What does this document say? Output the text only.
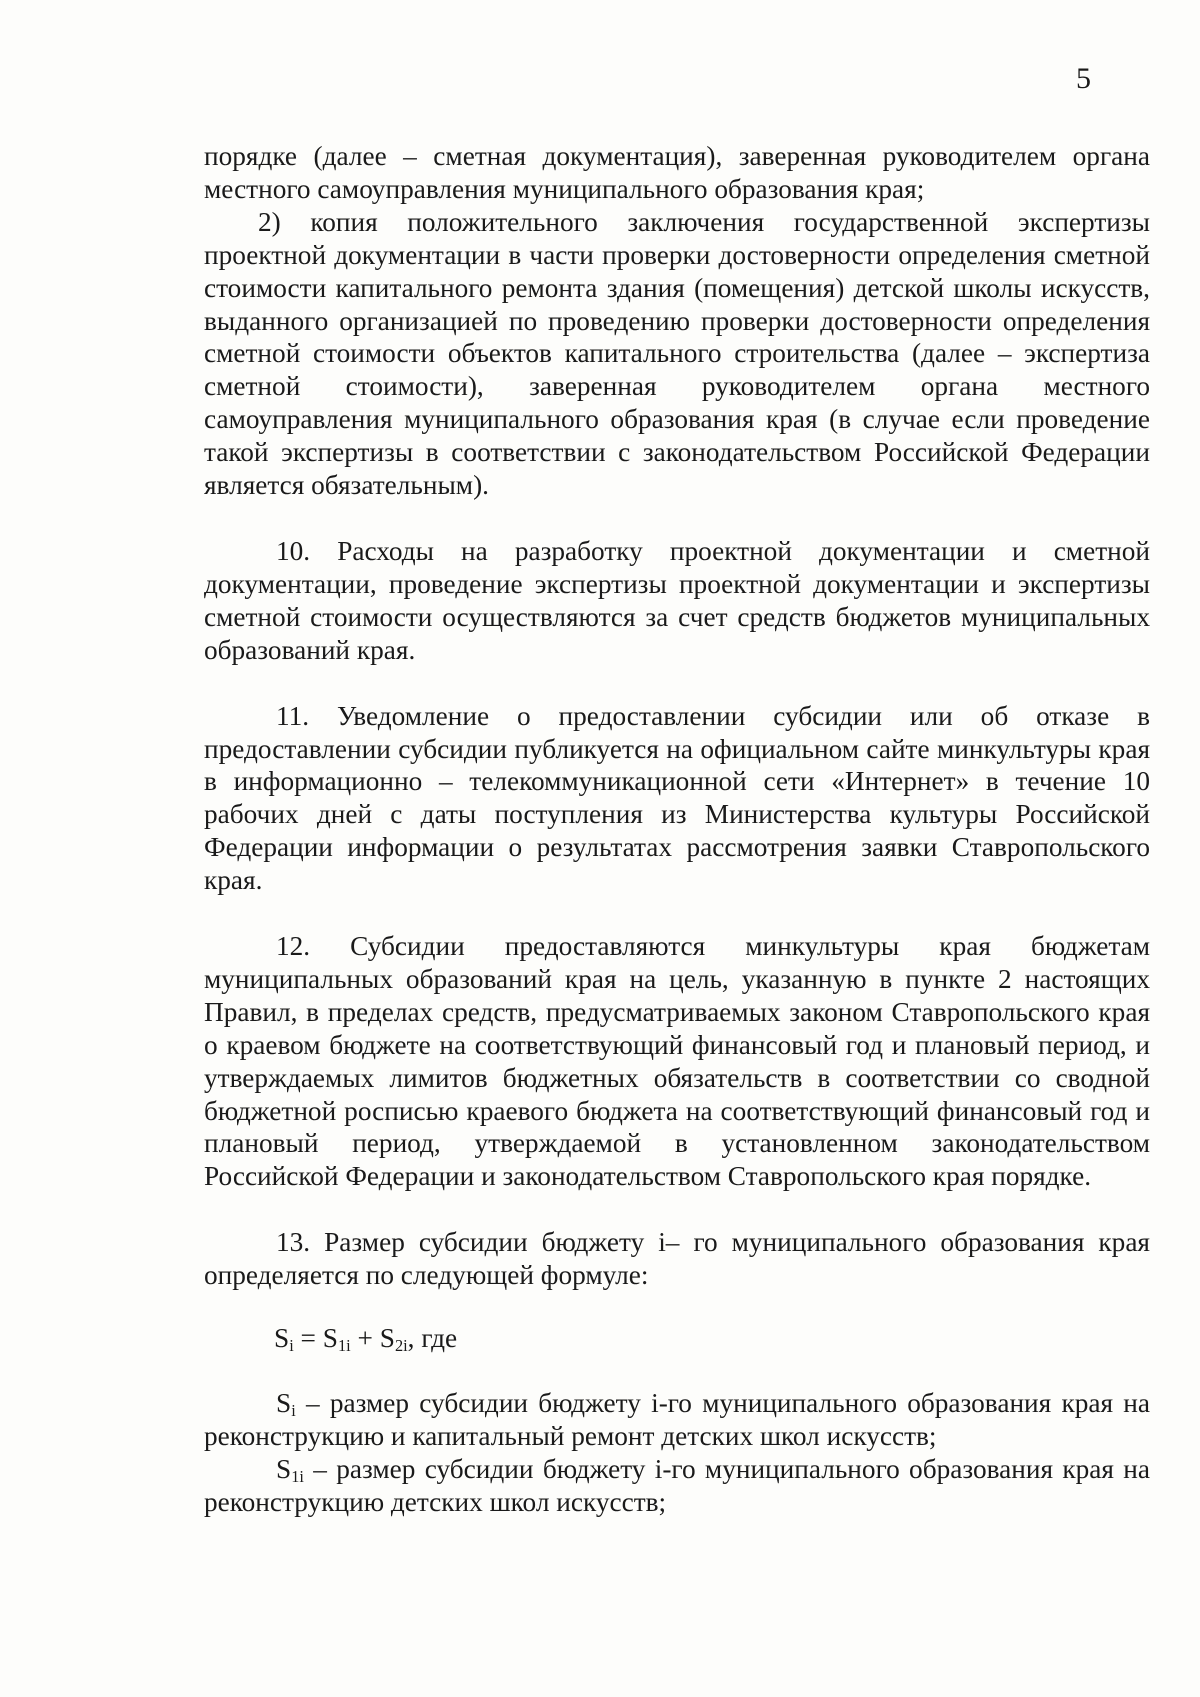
5

порядке (далее – сметная документация), заверенная руководителем органа местного самоуправления муниципального образования края;

2) копия положительного заключения государственной экспертизы проектной документации в части проверки достоверности определения сметной стоимости капитального ремонта здания (помещения) детской школы искусств, выданного организацией по проведению проверки достоверности определения сметной стоимости объектов капитального строительства (далее – экспертиза сметной стоимости), заверенная руководителем органа местного самоуправления муниципального образования края (в случае если проведение такой экспертизы в соответствии с законодательством Российской Федерации является обязательным).

10. Расходы на разработку проектной документации и сметной документации, проведение экспертизы проектной документации и экспертизы сметной стоимости осуществляются за счет средств бюджетов муниципальных образований края.

11. Уведомление о предоставлении субсидии или об отказе в предоставлении субсидии публикуется на официальном сайте минкультуры края в информационно – телекоммуникационной сети «Интернет» в течение 10 рабочих дней с даты поступления из Министерства культуры Российской Федерации информации о результатах рассмотрения заявки Ставропольского края.

12. Субсидии предоставляются минкультуры края бюджетам муниципальных образований края на цель, указанную в пункте 2 настоящих Правил, в пределах средств, предусматриваемых законом Ставропольского края о краевом бюджете на соответствующий финансовый год и плановый период, и утверждаемых лимитов бюджетных обязательств в соответствии со сводной бюджетной росписью краевого бюджета на соответствующий финансовый год и плановый период, утверждаемой в установленном законодательством Российской Федерации и законодательством Ставропольского края порядке.

13. Размер субсидии бюджету i– го муниципального образования края определяется по следующей формуле:

$S_i = S_{1i} + S_{2i}$, где

$S_i$ – размер субсидии бюджету i-го муниципального образования края на реконструкцию и капитальный ремонт детских школ искусств;

$S_{1i}$ – размер субсидии бюджету i-го муниципального образования края на реконструкцию детских школ искусств;
